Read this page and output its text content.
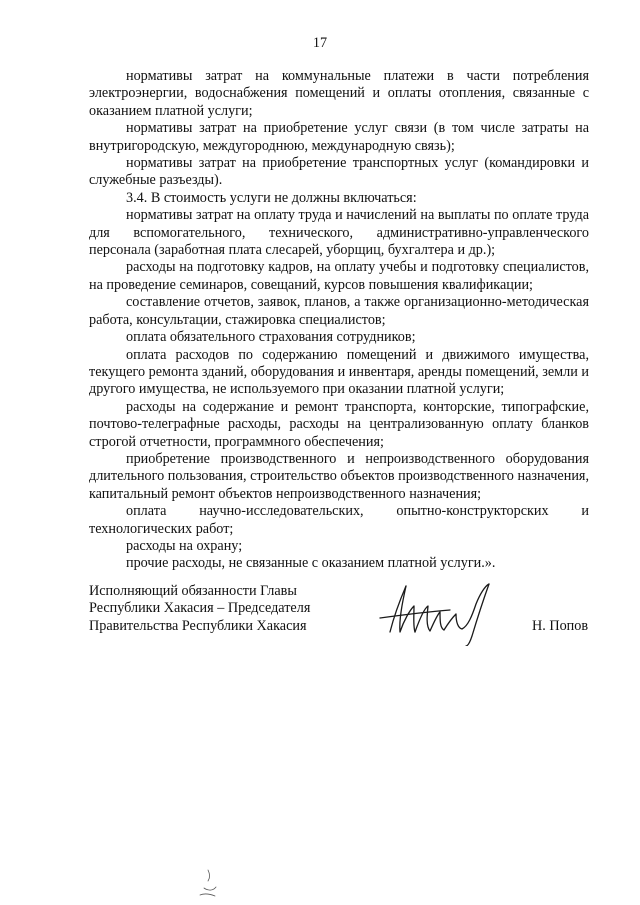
17

нормативы затрат на коммунальные платежи в части потребления электроэнергии, водоснабжения помещений и оплаты отопления, связанные с оказанием платной услуги;

нормативы затрат на приобретение услуг связи (в том числе затраты на внутригородскую, междугороднюю, международную связь);

нормативы затрат на приобретение транспортных услуг (командировки и служебные разъезды).

3.4. В стоимость услуги не должны включаться:

нормативы затрат на оплату труда и начислений на выплаты по оплате труда для вспомогательного, технического, административно-управленческого персонала (заработная плата слесарей, уборщиц, бухгалтера и др.);

расходы на подготовку кадров, на оплату учебы и подготовку специалистов, на проведение семинаров, совещаний, курсов повышения квалификации;

составление отчетов, заявок, планов, а также организационно-методическая работа, консультации, стажировка специалистов;

оплата обязательного страхования сотрудников;

оплата расходов по содержанию помещений и движимого имущества, текущего ремонта зданий, оборудования и инвентаря, аренды помещений, земли и другого имущества, не используемого при оказании платной услуги;

расходы на содержание и ремонт транспорта, конторские, типографские, почтово-телеграфные расходы, расходы на централизованную оплату бланков строгой отчетности, программного обеспечения;

приобретение производственного и непроизводственного оборудования длительного пользования, строительство объектов производственного назначения, капитальный ремонт объектов непроизводственного назначения;

оплата научно-исследовательских, опытно-конструкторских и технологических работ;

расходы на охрану;

прочие расходы, не связанные с оказанием платной услуги.».

Исполняющий обязанности Главы
Республики Хакасия – Председателя
Правительства Республики Хакасия	Н. Попов
